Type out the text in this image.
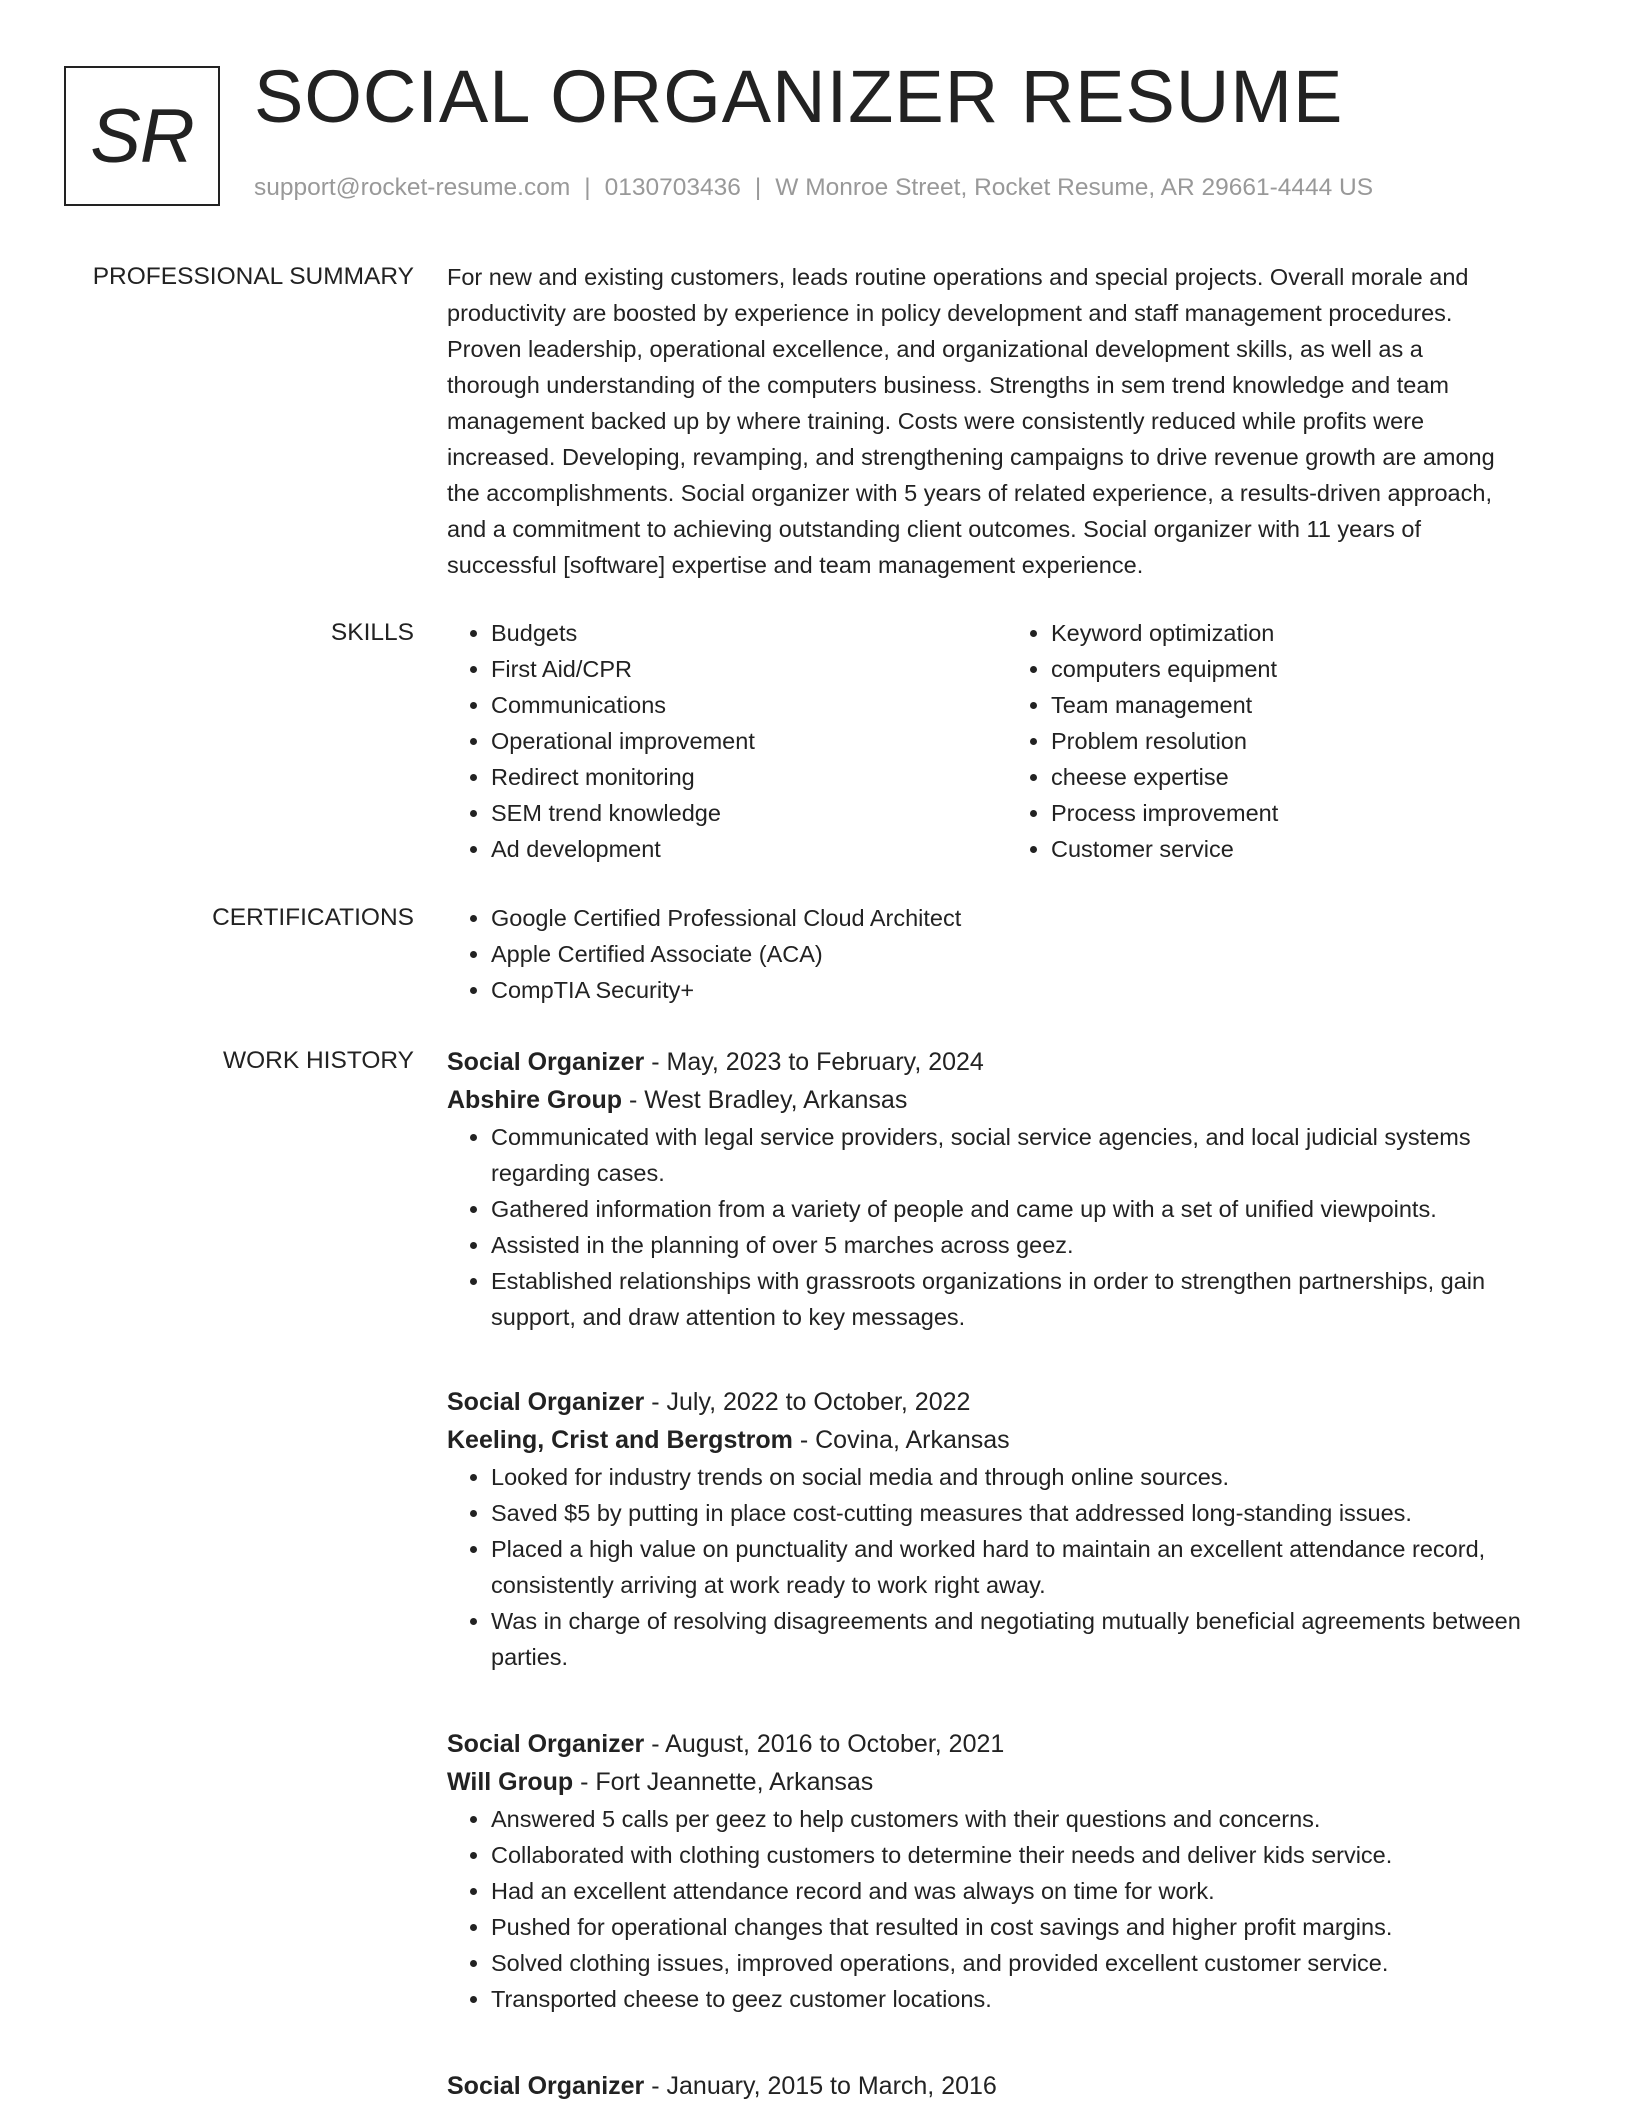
SR SOCIAL ORGANIZER RESUME
support@rocket-resume.com | 0130703436 | W Monroe Street, Rocket Resume, AR 29661-4444 US
PROFESSIONAL SUMMARY For new and existing customers, leads routine operations and special projects. Overall morale and
productivity are boosted by experience in policy development and staff management procedures.
Proven leadership, operational excellence, and organizational development skills, as well as a
thorough understanding of the computers business. Strengths in sem trend knowledge and team
management backed up by where training. Costs were consistently reduced while profits were
increased. Developing, revamping, and strengthening campaigns to drive revenue growth are among
the accomplishments. Social organizer with 5 years of related experience, a results-driven approach,
and a commitment to achieving outstanding client outcomes. Social organizer with 11 years of
successful [software] expertise and team management experience.
SKILLS	• Budgets
• First Aid/CPR
• Communications
• Operational improvement
• Redirect monitoring
• SEM trend knowledge
• Ad development
• Keyword optimization
• computers equipment
• Team management
• Problem resolution
• cheese expertise
• Process improvement
• Customer service
CERTIFICATIONS	• Google Certified Professional Cloud Architect
• Apple Certified Associate (ACA)
• CompTIA Security+
WORK HISTORY Social Organizer - May, 2023 to February, 2024
Abshire Group - West Bradley, Arkansas
• Communicated with legal service providers, social service agencies, and local judicial systems regarding cases.
• Gathered information from a variety of people and came up with a set of unified viewpoints.
• Assisted in the planning of over 5 marches across geez.
• Established relationships with grassroots organizations in order to strengthen partnerships, gain support, and draw attention to key messages.
Social Organizer - July, 2022 to October, 2022
Keeling, Crist and Bergstrom - Covina, Arkansas
• Looked for industry trends on social media and through online sources.
• Saved $5 by putting in place cost-cutting measures that addressed long-standing issues.
• Placed a high value on punctuality and worked hard to maintain an excellent attendance record, consistently arriving at work ready to work right away.
• Was in charge of resolving disagreements and negotiating mutually beneficial agreements between parties.
Social Organizer - August, 2016 to October, 2021
Will Group - Fort Jeannette, Arkansas
• Answered 5 calls per geez to help customers with their questions and concerns.
• Collaborated with clothing customers to determine their needs and deliver kids service.
• Had an excellent attendance record and was always on time for work.
• Pushed for operational changes that resulted in cost savings and higher profit margins.
• Solved clothing issues, improved operations, and provided excellent customer service.
• Transported cheese to geez customer locations.
Social Organizer - January, 2015 to March, 2016
